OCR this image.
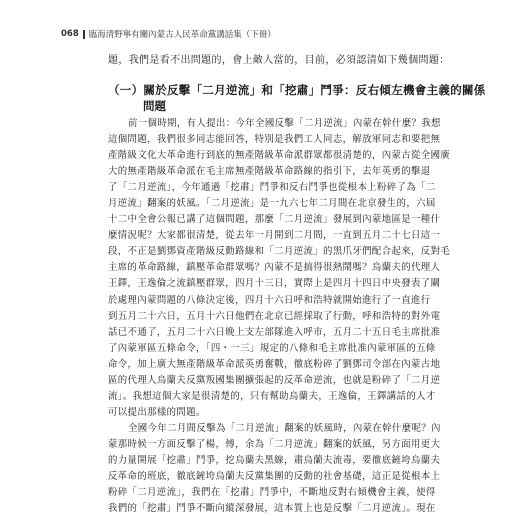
068 臨海清野寧有關內蒙古人民革命黨講話集（下冊）
題，我們是看不出問題的，會上敵人當的，目前，必須認清如下幾個問題：
（一）關於反擊「二月逆流」和「挖肅」鬥爭：反右傾左機會主義的關係
問題
前一個時期，有人提出：今年全國反擊「二月逆流」內蒙在幹什麼？我想
這個問題，我們很多同志能回答，特別是我們工人同志，解放軍同志和要把無
產階級文化大革命進行到底的無產階級革命派群眾都很清楚的，內蒙古從全國廣
大的無產階級革命派在毛主席無產階級革命路線的指引下，去年英勇的擊退
了「二月逆流」，今年通過「挖肅」鬥爭和反右鬥爭也從根本上粉碎了為「二
月逆流」翻案的妖風。「二月逆流」是一九六七年二月間在北京發生的，六屆
十二中全會公報已講了這個問題，那麼「二月逆流」發展到內蒙地區是一種什
麼情況呢？大家都很清楚，從去年一月開到二月間，一直到五月二十七日這一
段，不正是劉鄧資產階級反動路線和「二月逆流」的黑爪牙們配合起來，反對毛
主席的革命路線，鎮壓革命群眾嗎？內蒙不是搞得很熱鬧嗎？烏蘭夫的代理人
王鐸，王逸倫之流鎮壓群眾，四月十三日，實際上是四月十四日中央發表了關
於處理內蒙問題的八條決定後，四月十六日呼和浩特就開始進行了一直進行
到五月二十六日，五月十六日他們在北京已經採取了行動，呼和浩特的對外電
話已不通了，五月二十六日晚上支左部隊進入呼市，五月二十五日毛主席批准
了內蒙軍區五條命令，「四・一三」規定的八條和毛主席批准內蒙軍區的五條
命令，加上廣大無產階級革命派英勇奮戰，徹底粉碎了劉鄧司令部在內蒙古地
區的代理人烏蘭夫反黨叛國集團擴張起的反革命逆流，也就是粉碎了「二月逆
流」。我想這個大家是很清楚的，只有幫助烏蘭夫，王逸倫，王鐸講話的人才
可以提出那樣的問題。
全國今年二月間反擊為「二月逆流」翻案的妖風時，內蒙在幹什麼呢？內
蒙那時候一方面反擊了楊，傅，余為「二月逆流」翻案的妖風，另方面用更大
的力量開展「挖肅」鬥爭，挖烏蘭夫黑線，肅烏蘭夫流毒，要徹底鏟垮烏蘭夫
反革命的班底，徹底鏟垮烏蘭夫反黨集團的反動的社會基礎，這正是從根本上
粉碎「二月逆流」，我們在「挖肅」鬥爭中，不斷地反對右傾機會主義，使得
我們的「挖肅」鬥爭不斷向縱深發展，這本質上也是反擊「二月逆流」。現在
